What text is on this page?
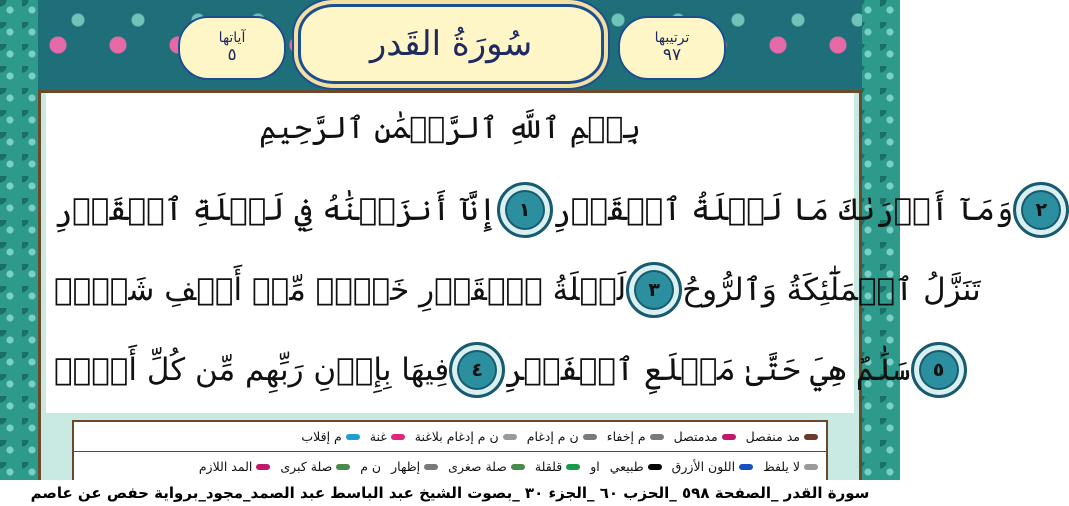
آياتها
٥	سُورَةُ القَدر	ترتيبها
٩٧
بِسۡمِ ٱللَّهِ ٱلرَّحۡمَٰنِ ٱلرَّحِيمِ
إِنَّآ أَنزَلۡنَٰهُ فِي لَيۡلَةِ ٱلۡقَدۡرِ	١ وَمَآ أَدۡرَىٰكَ مَا لَيۡلَةُ ٱلۡقَدۡرِ	٢
لَيۡلَةُ ٱلۡقَدۡرِ خَيۡرٞ مِّنۡ أَلۡفِ شَهۡرٖ	٣ تَنَزَّلُ ٱلۡمَلَٰٓئِكَةُ وَٱلرُّوحُ
فِيهَا بِإِذۡنِ رَبِّهِم مِّن كُلِّ أَمۡرٖ	٤ سَلَٰمٌ هِيَ حَتَّىٰ مَطۡلَعِ ٱلۡفَجۡرِ	٥
مد منفصل
مدمتصل
م إخفاء
ن م إدغام
ن م إدغام بلاغنة
غنة
م إقلاب
لا يلفظ
اللون الأزرق
طبيعي
او
قلقلة
صلة صغرى
إظهار
ن م
صلة كبرى
المد اللازم
سورة القدر _الصفحة ٥٩٨ _الحزب ٦٠ _الجزء ٣٠ _بصوت الشيخ عبد الباسط عبد الصمد_مجود_برواية حفص عن عاصم
